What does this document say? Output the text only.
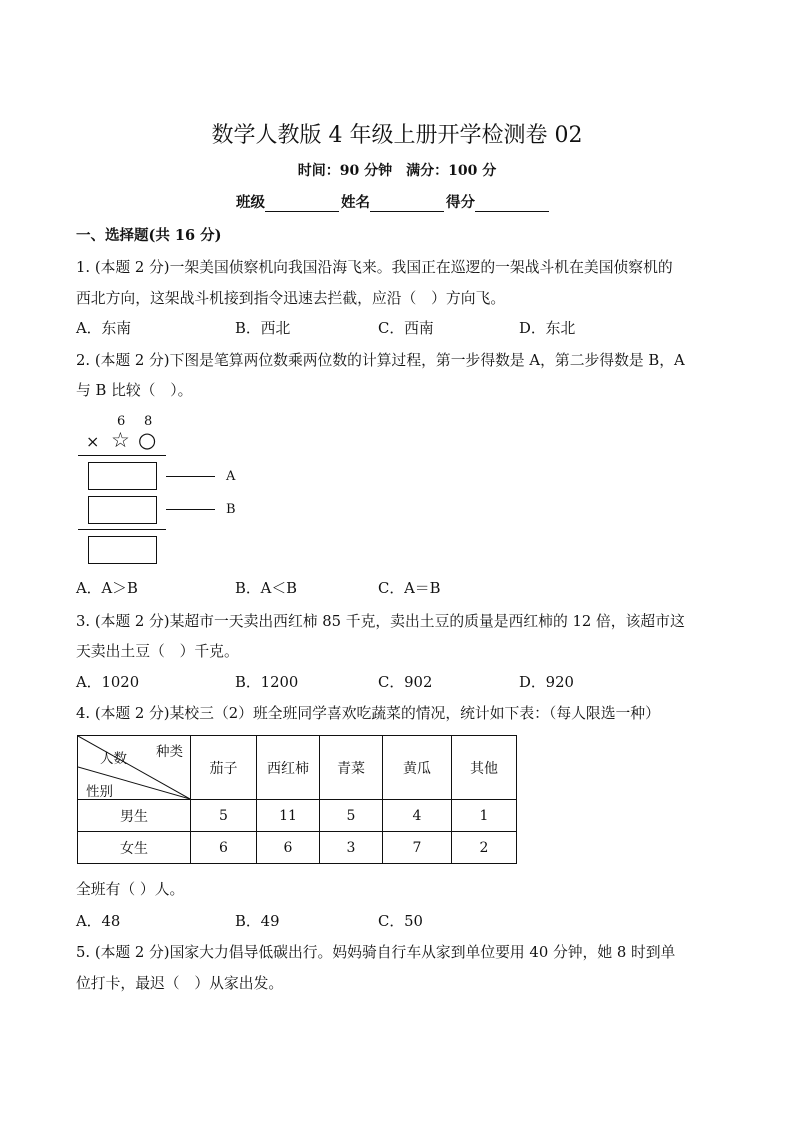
数学人教版 4 年级上册开学检测卷 02
时间：90 分钟　满分：100 分
班级	姓名	得分
一、选择题(共 16 分)
1. (本题 2 分)一架美国侦察机向我国沿海飞来。我国正在巡逻的一架战斗机在美国侦察机的
西北方向，这架战斗机接到指令迅速去拦截，应沿（　）方向飞。
A．东南	B．西北	C．西南	D．东北
2. (本题 2 分)下图是笔算两位数乘两位数的计算过程，第一步得数是 A，第二步得数是 B，A
与 B 比较（　）。
6 8
× ☆ ○
A
B
A．A＞B	B．A＜B	C．A＝B
3. (本题 2 分)某超市一天卖出西红柿 85 千克，卖出土豆的质量是西红柿的 12 倍，该超市这
天卖出土豆（　）千克。
A．1020	B．1200	C．902	D．920
4. (本题 2 分)某校三（2）班全班同学喜欢吃蔬菜的情况，统计如下表：（每人限选一种）
种类
人数
性别	茄子	西红柿	青菜	黄瓜	其他
男生	5	11	5	4	1
女生	6	6	3	7	2
全班有（ ）人。
A．48	B．49	C．50
5. (本题 2 分)国家大力倡导低碳出行。妈妈骑自行车从家到单位要用 40 分钟，她 8 时到单
位打卡，最迟（　）从家出发。
